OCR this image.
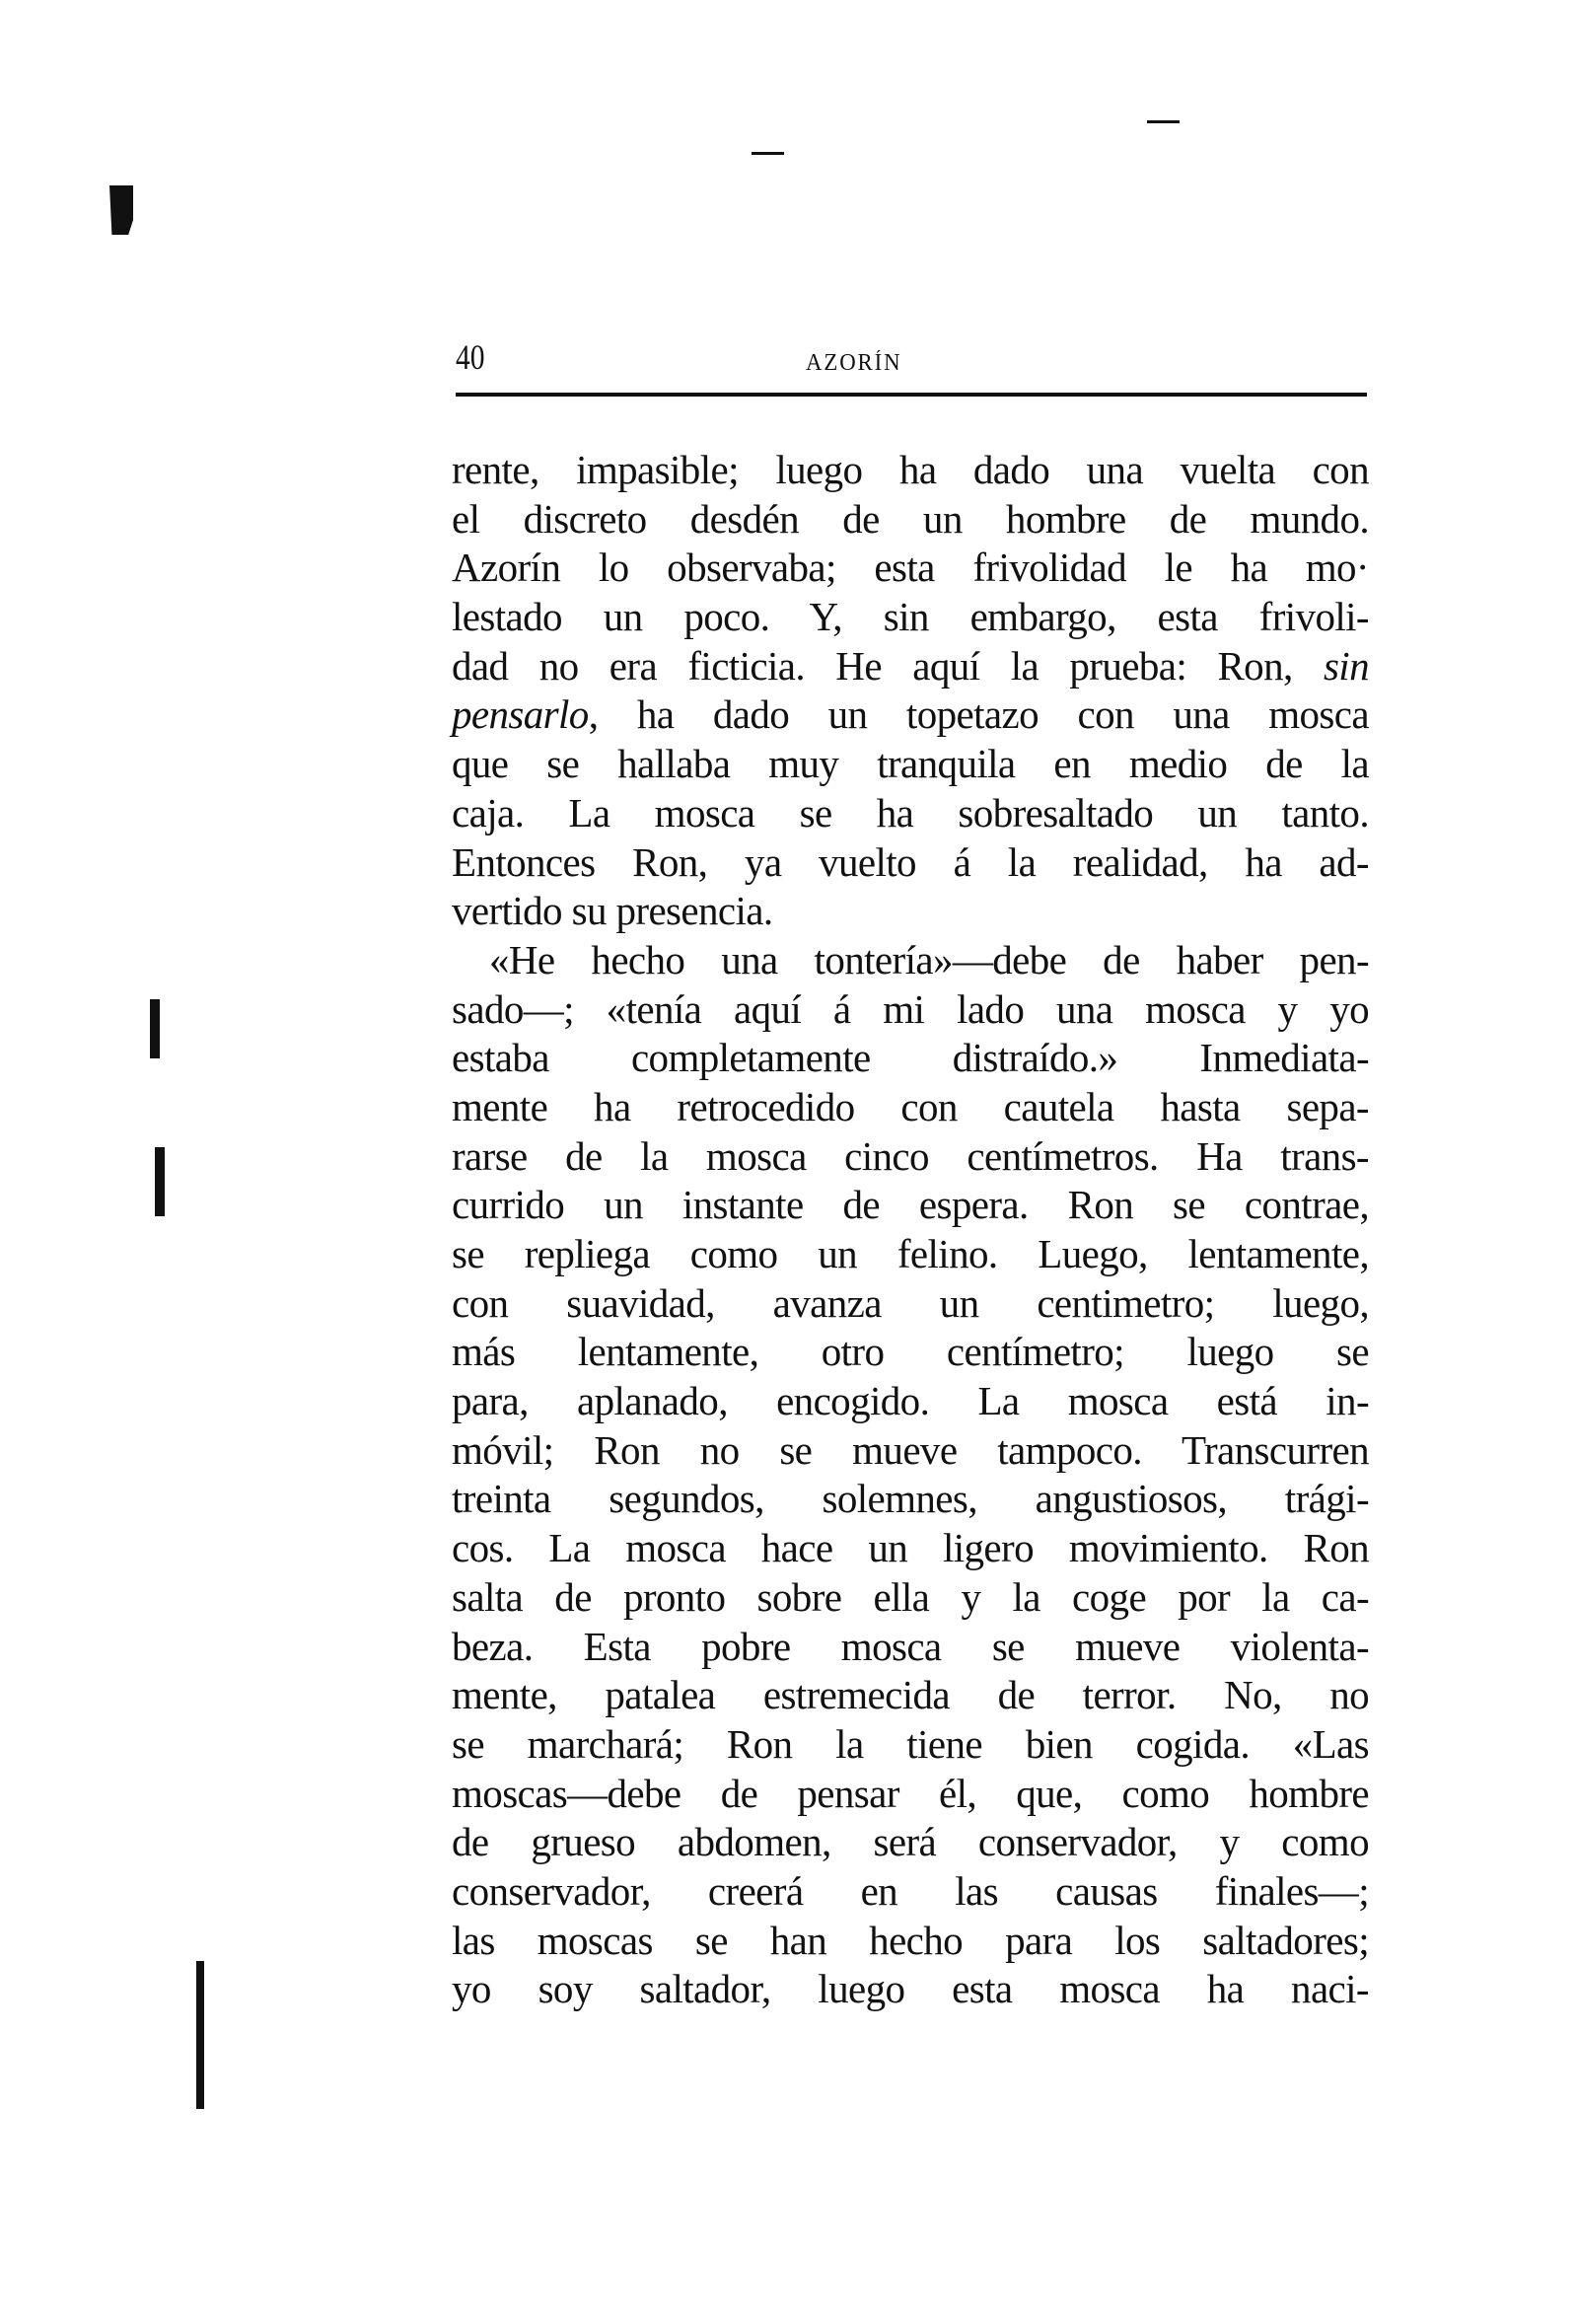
40	AZORÍN
rente, impasible; luego ha dado una vuelta con
el discreto desdén de un hombre de mundo.
Azorín lo observaba; esta frivolidad le ha mo·
lestado un poco. Y, sin embargo, esta frivoli-
dad no era ficticia. He aquí la prueba: Ron, sin
pensarlo, ha dado un topetazo con una mosca
que se hallaba muy tranquila en medio de la
caja. La mosca se ha sobresaltado un tanto.
Entonces Ron, ya vuelto á la realidad, ha ad-
vertido su presencia.
«He hecho una tontería»—debe de haber pen-
sado—; «tenía aquí á mi lado una mosca y yo
estaba completamente distraído.» Inmediata-
mente ha retrocedido con cautela hasta sepa-
rarse de la mosca cinco centímetros. Ha trans-
currido un instante de espera. Ron se contrae,
se repliega como un felino. Luego, lentamente,
con suavidad, avanza un centimetro; luego,
más lentamente, otro centímetro; luego se
para, aplanado, encogido. La mosca está in-
móvil; Ron no se mueve tampoco. Transcurren
treinta segundos, solemnes, angustiosos, trági-
cos. La mosca hace un ligero movimiento. Ron
salta de pronto sobre ella y la coge por la ca-
beza. Esta pobre mosca se mueve violenta-
mente, patalea estremecida de terror. No, no
se marchará; Ron la tiene bien cogida. «Las
moscas—debe de pensar él, que, como hombre
de grueso abdomen, será conservador, y como
conservador, creerá en las causas finales—;
las moscas se han hecho para los saltadores;
yo soy saltador, luego esta mosca ha naci-
